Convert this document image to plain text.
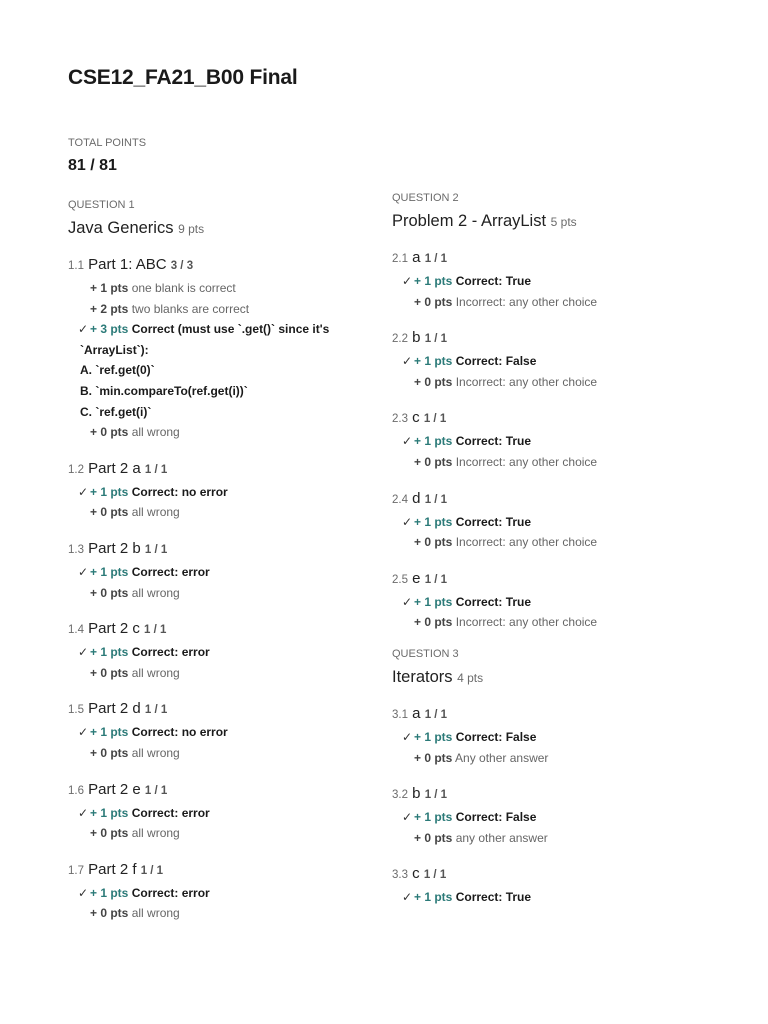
CSE12_FA21_B00 Final
TOTAL POINTS
81 / 81
QUESTION 1
Java Generics 9 pts
1.1 Part 1: ABC 3 / 3
+ 1 pts one blank is correct
+ 2 pts two blanks are correct
✓ + 3 pts Correct (must use `.get()` since it's
`ArrayList`):
A. `ref.get(0)`
B. `min.compareTo(ref.get(i))`
C. `ref.get(i)`
+ 0 pts all wrong
1.2 Part 2 a 1 / 1
✓ + 1 pts Correct: no error
+ 0 pts all wrong
1.3 Part 2 b 1 / 1
✓ + 1 pts Correct: error
+ 0 pts all wrong
1.4 Part 2 c 1 / 1
✓ + 1 pts Correct: error
+ 0 pts all wrong
1.5 Part 2 d 1 / 1
✓ + 1 pts Correct: no error
+ 0 pts all wrong
1.6 Part 2 e 1 / 1
✓ + 1 pts Correct: error
+ 0 pts all wrong
1.7 Part 2 f 1 / 1
✓ + 1 pts Correct: error
+ 0 pts all wrong
QUESTION 2
Problem 2 - ArrayList 5 pts
2.1 a 1 / 1
✓ + 1 pts Correct: True
+ 0 pts Incorrect: any other choice
2.2 b 1 / 1
✓ + 1 pts Correct: False
+ 0 pts Incorrect: any other choice
2.3 c 1 / 1
✓ + 1 pts Correct: True
+ 0 pts Incorrect: any other choice
2.4 d 1 / 1
✓ + 1 pts Correct: True
+ 0 pts Incorrect: any other choice
2.5 e 1 / 1
✓ + 1 pts Correct: True
+ 0 pts Incorrect: any other choice
QUESTION 3
Iterators 4 pts
3.1 a 1 / 1
✓ + 1 pts Correct: False
+ 0 pts Any other answer
3.2 b 1 / 1
✓ + 1 pts Correct: False
+ 0 pts any other answer
3.3 c 1 / 1
✓ + 1 pts Correct: True
